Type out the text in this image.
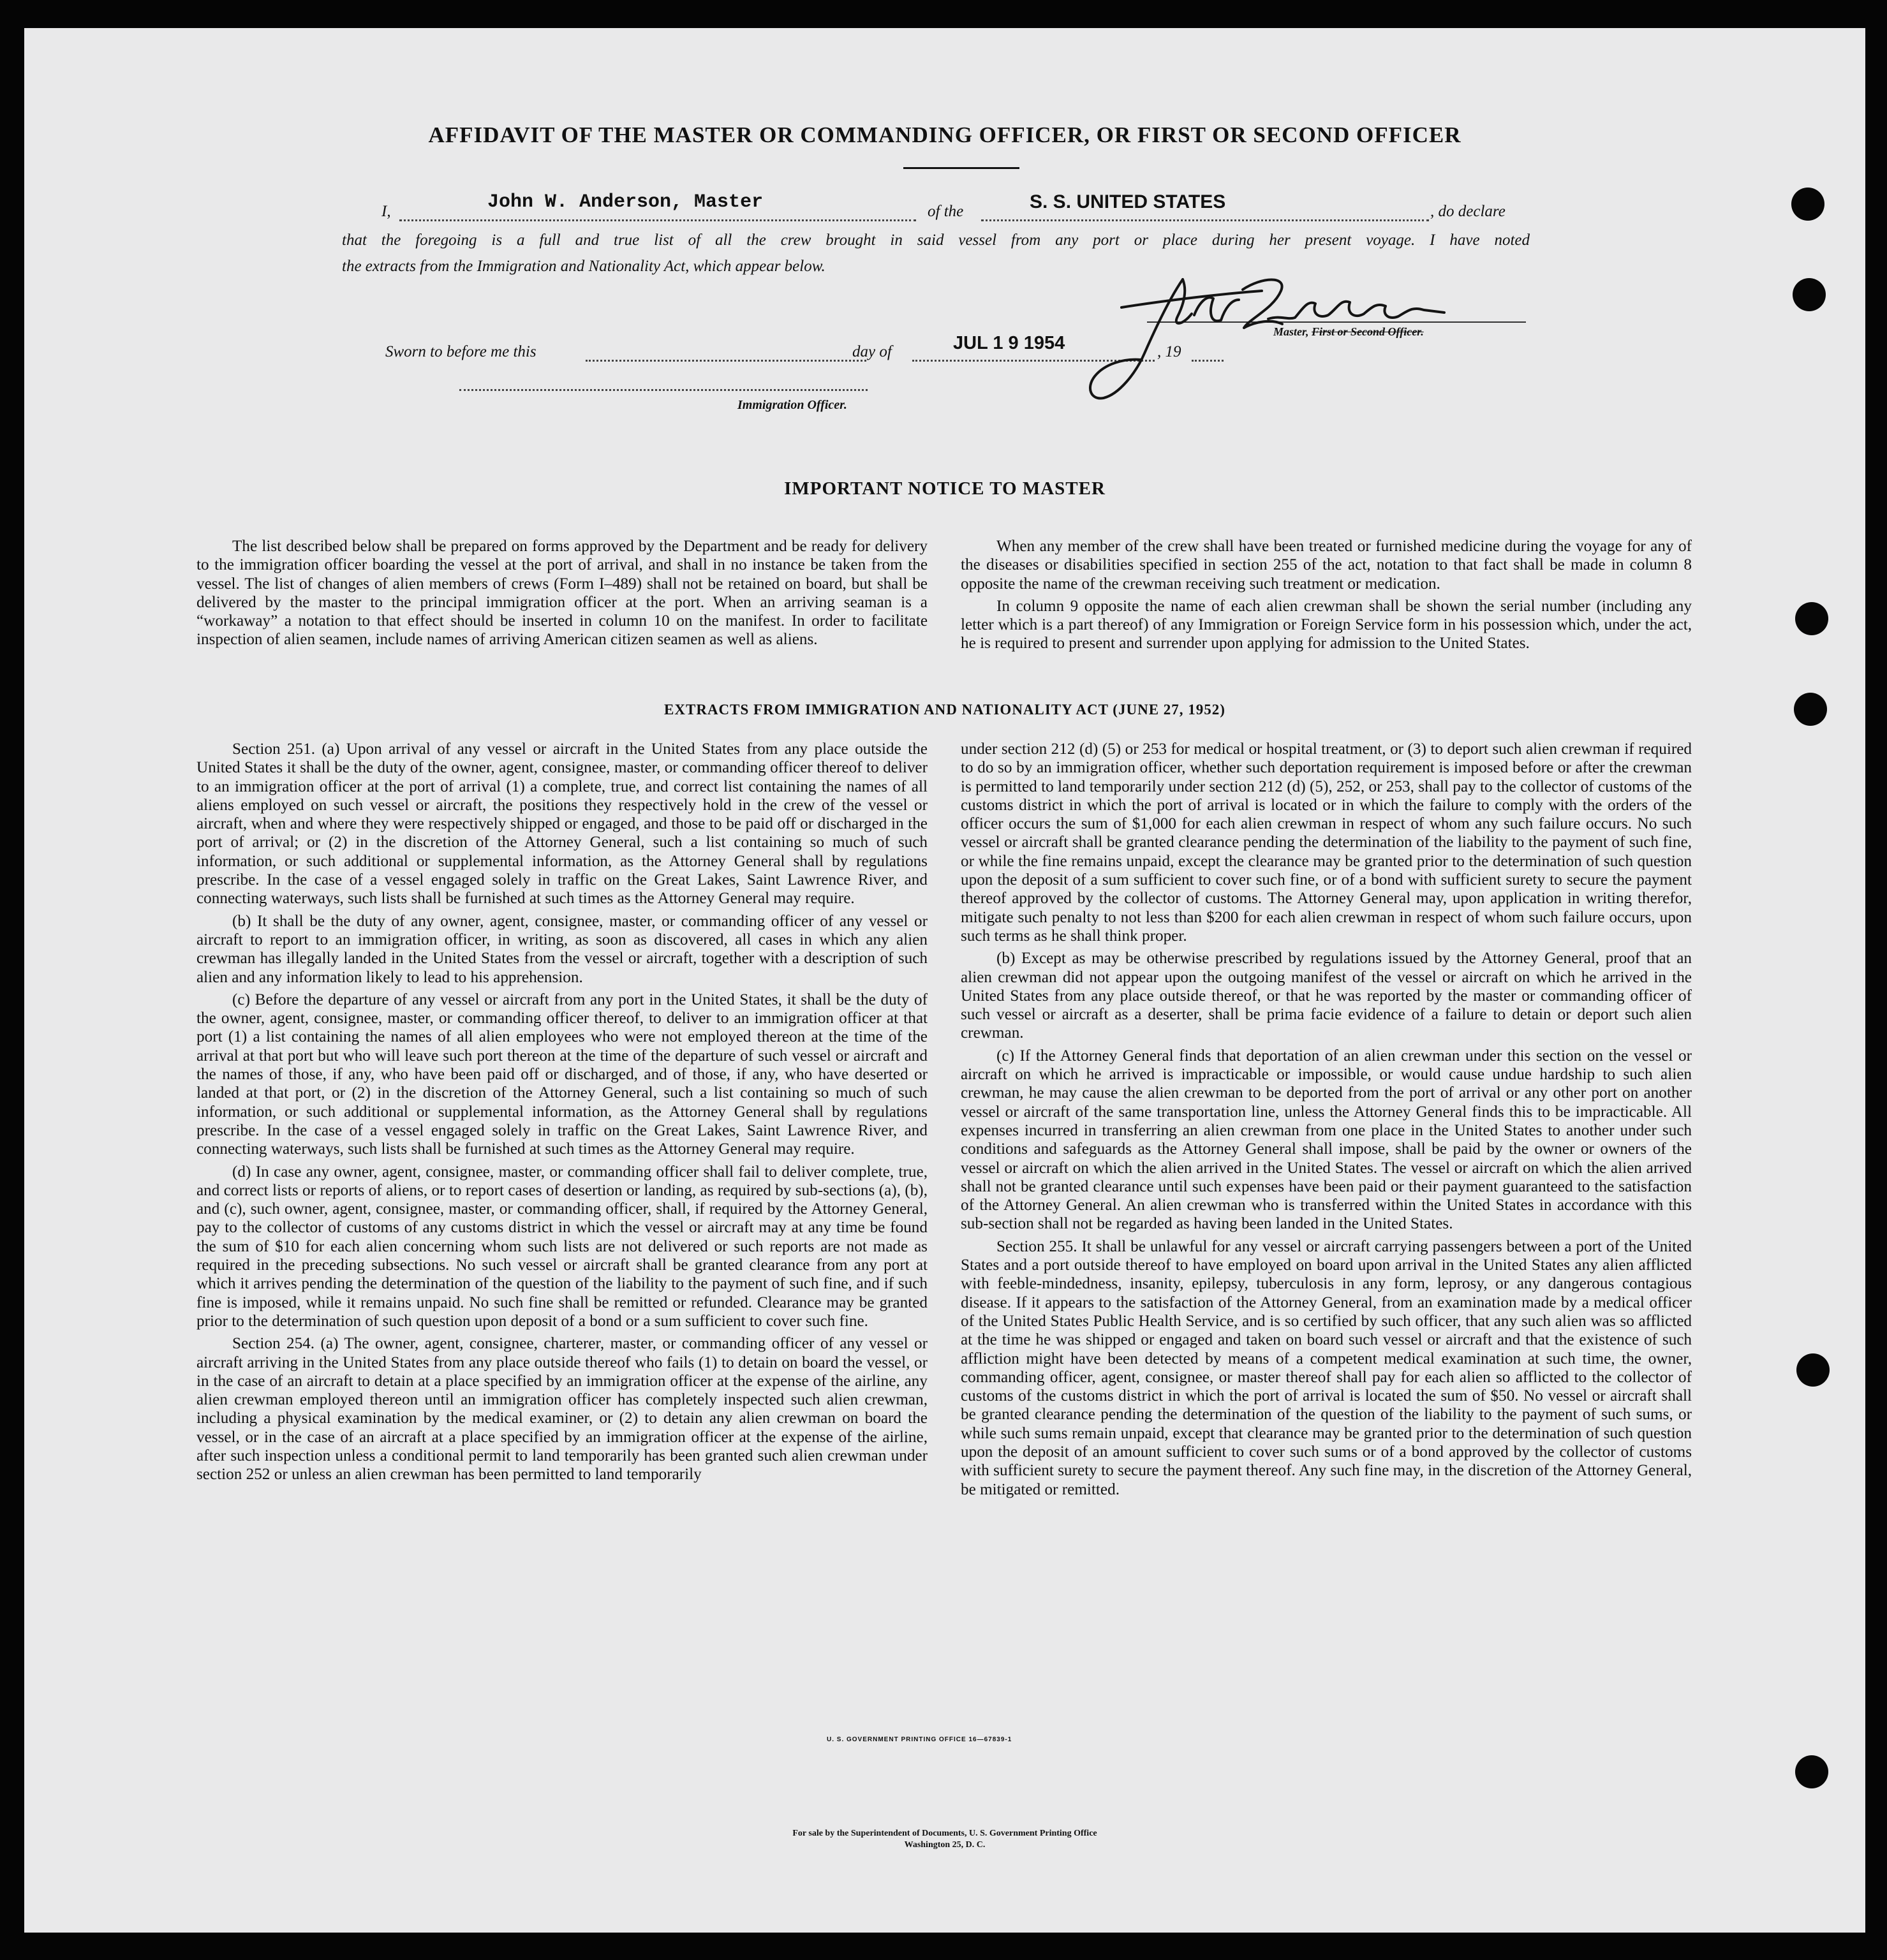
AFFIDAVIT OF THE MASTER OR COMMANDING OFFICER, OR FIRST OR SECOND OFFICER
I,	John W. Anderson, Master	of the	S. S. UNITED STATES	, do declare
that the foregoing is a full and true list of all the crew brought in said vessel from any port or place during her present voyage. I have noted
the extracts from the Immigration and Nationality Act, which appear below.
Sworn to before me this	day of	JUL 1 9 1954	, 19
Master, First or Second Officer.
Immigration Officer.
IMPORTANT NOTICE TO MASTER

The list described below shall be prepared on forms approved by the Department and be ready for delivery to the immigration officer boarding the vessel at the port of arrival, and shall in no instance be taken from the vessel. The list of changes of alien members of crews (Form I–489) shall not be retained on board, but shall be delivered by the master to the principal immigration officer at the port. When an arriving seaman is a “workaway” a notation to that effect should be inserted in column 10 on the manifest. In order to facilitate inspection of alien seamen, include names of arriving American citizen seamen as well as aliens.

When any member of the crew shall have been treated or furnished medicine during the voyage for any of the diseases or disabilities specified in section 255 of the act, notation to that fact shall be made in column 8 opposite the name of the crewman receiving such treatment or medication.

In column 9 opposite the name of each alien crewman shall be shown the serial number (including any letter which is a part thereof) of any Immigration or Foreign Service form in his possession which, under the act, he is required to present and surrender upon applying for admission to the United States.

EXTRACTS FROM IMMIGRATION AND NATIONALITY ACT (JUNE 27, 1952)

Section 251. (a) Upon arrival of any vessel or aircraft in the United States from any place outside the United States it shall be the duty of the owner, agent, consignee, master, or commanding officer thereof to deliver to an immigration officer at the port of arrival (1) a complete, true, and correct list containing the names of all aliens employed on such vessel or aircraft, the positions they respectively hold in the crew of the vessel or aircraft, when and where they were respectively shipped or engaged, and those to be paid off or discharged in the port of arrival; or (2) in the discretion of the Attorney General, such a list containing so much of such information, or such additional or supplemental information, as the Attorney General shall by regulations prescribe. In the case of a vessel engaged solely in traffic on the Great Lakes, Saint Lawrence River, and connecting waterways, such lists shall be furnished at such times as the Attorney General may require.

(b) It shall be the duty of any owner, agent, consignee, master, or commanding officer of any vessel or aircraft to report to an immigration officer, in writing, as soon as discovered, all cases in which any alien crewman has illegally landed in the United States from the vessel or aircraft, together with a description of such alien and any information likely to lead to his apprehension.

(c) Before the departure of any vessel or aircraft from any port in the United States, it shall be the duty of the owner, agent, consignee, master, or commanding officer thereof, to deliver to an immigration officer at that port (1) a list containing the names of all alien employees who were not employed thereon at the time of the arrival at that port but who will leave such port thereon at the time of the departure of such vessel or aircraft and the names of those, if any, who have been paid off or discharged, and of those, if any, who have deserted or landed at that port, or (2) in the discretion of the Attorney General, such a list containing so much of such information, or such additional or supplemental information, as the Attorney General shall by regulations prescribe. In the case of a vessel engaged solely in traffic on the Great Lakes, Saint Lawrence River, and connecting waterways, such lists shall be furnished at such times as the Attorney General may require.

(d) In case any owner, agent, consignee, master, or commanding officer shall fail to deliver complete, true, and correct lists or reports of aliens, or to report cases of desertion or landing, as required by sub-sections (a), (b), and (c), such owner, agent, consignee, master, or commanding officer, shall, if required by the Attorney General, pay to the collector of customs of any customs district in which the vessel or aircraft may at any time be found the sum of $10 for each alien concerning whom such lists are not delivered or such reports are not made as required in the preceding subsections. No such vessel or aircraft shall be granted clearance from any port at which it arrives pending the determination of the question of the liability to the payment of such fine, and if such fine is imposed, while it remains unpaid. No such fine shall be remitted or refunded. Clearance may be granted prior to the determination of such question upon deposit of a bond or a sum sufficient to cover such fine.

Section 254. (a) The owner, agent, consignee, charterer, master, or commanding officer of any vessel or aircraft arriving in the United States from any place outside thereof who fails (1) to detain on board the vessel, or in the case of an aircraft to detain at a place specified by an immigration officer at the expense of the airline, any alien crewman employed thereon until an immigration officer has completely inspected such alien crewman, including a physical examination by the medical examiner, or (2) to detain any alien crewman on board the vessel, or in the case of an aircraft at a place specified by an immigration officer at the expense of the airline, after such inspection unless a conditional permit to land temporarily has been granted such alien crewman under section 252 or unless an alien crewman has been permitted to land temporarily

under section 212 (d) (5) or 253 for medical or hospital treatment, or (3) to deport such alien crewman if required to do so by an immigration officer, whether such deportation requirement is imposed before or after the crewman is permitted to land temporarily under section 212 (d) (5), 252, or 253, shall pay to the collector of customs of the customs district in which the port of arrival is located or in which the failure to comply with the orders of the officer occurs the sum of $1,000 for each alien crewman in respect of whom any such failure occurs. No such vessel or aircraft shall be granted clearance pending the determination of the liability to the payment of such fine, or while the fine remains unpaid, except the clearance may be granted prior to the determination of such question upon the deposit of a sum sufficient to cover such fine, or of a bond with sufficient surety to secure the payment thereof approved by the collector of customs. The Attorney General may, upon application in writing therefor, mitigate such penalty to not less than $200 for each alien crewman in respect of whom such failure occurs, upon such terms as he shall think proper.

(b) Except as may be otherwise prescribed by regulations issued by the Attorney General, proof that an alien crewman did not appear upon the outgoing manifest of the vessel or aircraft on which he arrived in the United States from any place outside thereof, or that he was reported by the master or commanding officer of such vessel or aircraft as a deserter, shall be prima facie evidence of a failure to detain or deport such alien crewman.

(c) If the Attorney General finds that deportation of an alien crewman under this section on the vessel or aircraft on which he arrived is impracticable or impossible, or would cause undue hardship to such alien crewman, he may cause the alien crewman to be deported from the port of arrival or any other port on another vessel or aircraft of the same transportation line, unless the Attorney General finds this to be impracticable. All expenses incurred in transferring an alien crewman from one place in the United States to another under such conditions and safeguards as the Attorney General shall impose, shall be paid by the owner or owners of the vessel or aircraft on which the alien arrived in the United States. The vessel or aircraft on which the alien arrived shall not be granted clearance until such expenses have been paid or their payment guaranteed to the satisfaction of the Attorney General. An alien crewman who is transferred within the United States in accordance with this sub-section shall not be regarded as having been landed in the United States.

Section 255. It shall be unlawful for any vessel or aircraft carrying passengers between a port of the United States and a port outside thereof to have employed on board upon arrival in the United States any alien afflicted with feeble-mindedness, insanity, epilepsy, tuberculosis in any form, leprosy, or any dangerous contagious disease. If it appears to the satisfaction of the Attorney General, from an examination made by a medical officer of the United States Public Health Service, and is so certified by such officer, that any such alien was so afflicted at the time he was shipped or engaged and taken on board such vessel or aircraft and that the existence of such affliction might have been detected by means of a competent medical examination at such time, the owner, commanding officer, agent, consignee, or master thereof shall pay for each alien so afflicted to the collector of customs of the customs district in which the port of arrival is located the sum of $50. No vessel or aircraft shall be granted clearance pending the determination of the question of the liability to the payment of such sums, or while such sums remain unpaid, except that clearance may be granted prior to the determination of such question upon the deposit of an amount sufficient to cover such sums or of a bond approved by the collector of customs with sufficient surety to secure the payment thereof. Any such fine may, in the discretion of the Attorney General, be mitigated or remitted.

U. S. GOVERNMENT PRINTING OFFICE 16—67839-1
For sale by the Superintendent of Documents, U. S. Government Printing Office
Washington 25, D. C.
